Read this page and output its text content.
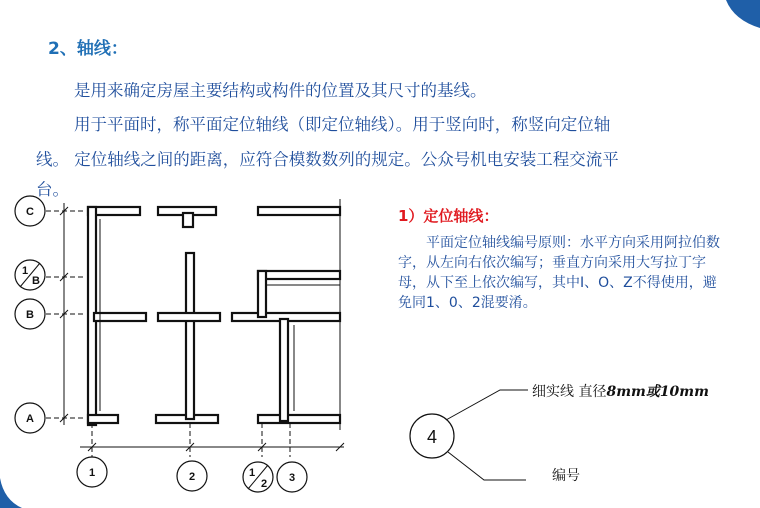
2、轴线：
是用来确定房屋主要结构或构件的位置及其尺寸的基线。
用于平面时，称平面定位轴线（即定位轴线）。用于竖向时，称竖向定位轴
线。 定位轴线之间的距离，应符合模数数列的规定。公众号机电安装工程交流平
台。
1）定位轴线：
平面定位轴线编号原则：水平方向采用阿拉伯数字，从左向右依次编写；垂直方向采用大写拉丁字母，从下至上依次编写，其中I、O、Z不得使用，避免同1、0、2混要淆。
C
1
B
B
A
1	2	1
2 3
4
细实线 直径8mm或10mm
编号
